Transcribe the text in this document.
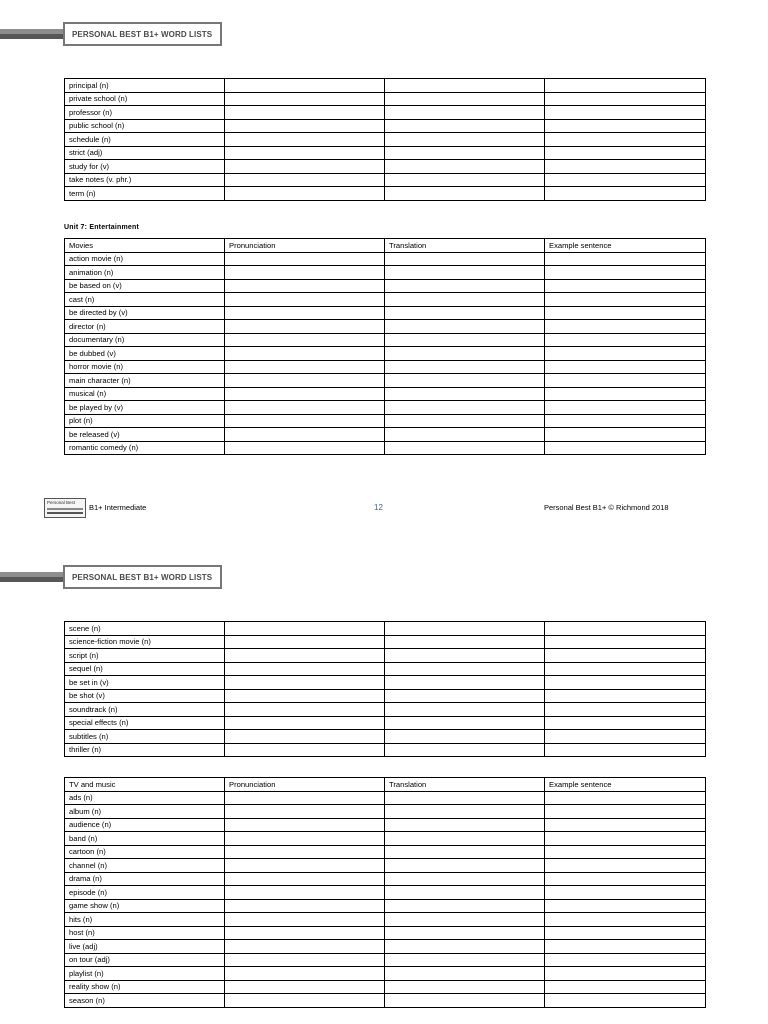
PERSONAL BEST B1+ WORD LISTS
principal (n)			
private school (n)			
professor (n)			
public school (n)			
schedule (n)			
strict (adj)			
study for (v)			
take notes (v. phr.)			
term (n)			
Unit 7: Entertainment
Movies	Pronunciation	Translation	Example sentence
action movie (n)			
animation (n)			
be based on (v)			
cast (n)			
be directed by (v)			
director (n)			
documentary (n)			
be dubbed (v)			
horror movie (n)			
main character (n)			
musical (n)			
be played by (v)			
plot (n)			
be released (v)			
romantic comedy (n)			
Personal Best
B1+ Intermediate	12	Personal Best B1+ © Richmond 2018
PERSONAL BEST B1+ WORD LISTS
scene (n)			
science-fiction movie (n)			
script (n)			
sequel (n)			
be set in (v)			
be shot (v)			
soundtrack (n)			
special effects (n)			
subtitles (n)			
thriller (n)			
TV and music	Pronunciation	Translation	Example sentence
ads (n)			
album (n)			
audience (n)			
band (n)			
cartoon (n)			
channel (n)			
drama (n)			
episode (n)			
game show (n)			
hits (n)			
host (n)			
live (adj)			
on tour (adj)			
playlist (n)			
reality show (n)			
season (n)			
